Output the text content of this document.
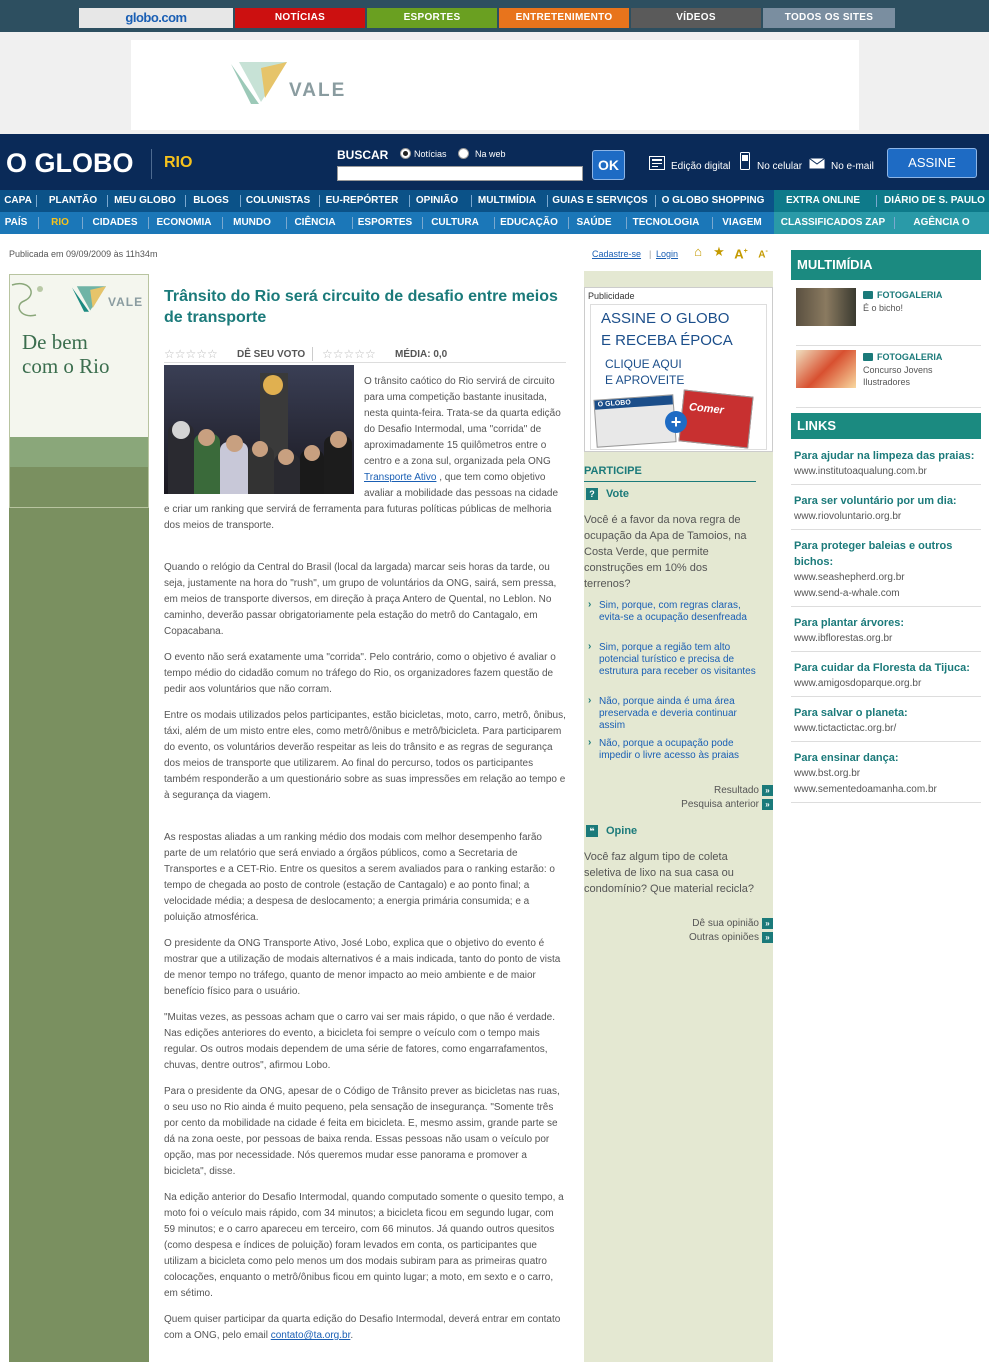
globo.com	NOTÍCIAS	ESPORTES	ENTRETENIMENTO	VÍDEOS	TODOS OS SITES
VALE
O GLOBO RIO	BUSCAR	Notícias	Na web
OK	Edição digital	No celular	No e-mail	ASSINE
CAPA	PLANTÃO	MEU GLOBO	BLOGS	COLUNISTAS	EU-REPÓRTER	OPINIÃO	MULTIMÍDIA GUIAS E SERVIÇOS O GLOBO SHOPPING	EXTRA ONLINE	DIÁRIO DE S. PAULO
PAÍS	RIO	CIDADES	ECONOMIA	MUNDO	CIÊNCIA	ESPORTES	CULTURA	EDUCAÇÃO	SAÚDE	TECNOLOGIA	VIAGEM	CLASSIFICADOS ZAP	AGÊNCIA O
Publicada em 09/09/2009 às 11h34m	Cadastre-se | Login ⌂ ★ A+ A-
VALE
De bem
com o Rio
Trânsito do Rio será circuito de desafio entre meios de transporte
☆☆☆☆☆ DÊ SEU VOTO ☆☆☆☆☆ MÉDIA: 0,0
O trânsito caótico do Rio servirá de circuito para uma competição bastante inusitada, nesta quinta-feira. Trata-se da quarta edição do Desafio Intermodal, uma "corrida" de aproximadamente 15 quilômetros entre o centro e a zona sul, organizada pela ONG Transporte Ativo , que tem como objetivo avaliar a mobilidade das pessoas na cidade e criar um ranking que servirá de ferramenta para futuras políticas públicas de melhoria dos meios de transporte.
Quando o relógio da Central do Brasil (local da largada) marcar seis horas da tarde, ou seja, justamente na hora do "rush", um grupo de voluntários da ONG, sairá, sem pressa, em meios de transporte diversos, em direção à praça Antero de Quental, no Leblon. No caminho, deverão passar obrigatoriamente pela estação do metrô do Cantagalo, em Copacabana.
O evento não será exatamente uma "corrida". Pelo contrário, como o objetivo é avaliar o tempo médio do cidadão comum no tráfego do Rio, os organizadores fazem questão de pedir aos voluntários que não corram.
Entre os modais utilizados pelos participantes, estão bicicletas, moto, carro, metrô, ônibus, táxi, além de um misto entre eles, como metrô/ônibus e metrô/bicicleta. Para participarem do evento, os voluntários deverão respeitar as leis do trânsito e as regras de segurança dos meios de transporte que utilizarem. Ao final do percurso, todos os participantes também responderão a um questionário sobre as suas impressões em relação ao tempo e à segurança da viagem.
As respostas aliadas a um ranking médio dos modais com melhor desempenho farão parte de um relatório que será enviado a órgãos públicos, como a Secretaria de Transportes e a CET-Rio. Entre os quesitos a serem avaliados para o ranking estarão: o tempo de chegada ao posto de controle (estação de Cantagalo) e ao ponto final; a velocidade média; a despesa de deslocamento; a energia primária consumida; e a poluição atmosférica.
O presidente da ONG Transporte Ativo, José Lobo, explica que o objetivo do evento é mostrar que a utilização de modais alternativos é a mais indicada, tanto do ponto de vista de menor tempo no tráfego, quanto de menor impacto ao meio ambiente e de maior benefício físico para o usuário.
"Muitas vezes, as pessoas acham que o carro vai ser mais rápido, o que não é verdade. Nas edições anteriores do evento, a bicicleta foi sempre o veículo com o tempo mais regular. Os outros modais dependem de uma série de fatores, como engarrafamentos, chuvas, dentre outros", afirmou Lobo.
Para o presidente da ONG, apesar de o Código de Trânsito prever as bicicletas nas ruas, o seu uso no Rio ainda é muito pequeno, pela sensação de insegurança. "Somente três por cento da mobilidade na cidade é feita em bicicleta. E, mesmo assim, grande parte se dá na zona oeste, por pessoas de baixa renda. Essas pessoas não usam o veículo por opção, mas por necessidade. Nós queremos mudar esse panorama e promover a bicicleta", disse.
Na edição anterior do Desafio Intermodal, quando computado somente o quesito tempo, a moto foi o veículo mais rápido, com 34 minutos; a bicicleta ficou em segundo lugar, com 59 minutos; e o carro apareceu em terceiro, com 66 minutos. Já quando outros quesitos (como despesa e índices de poluição) foram levados em conta, os participantes que utilizam a bicicleta como pelo menos um dos modais subiram para as primeiras quatro colocações, enquanto o metrô/ônibus ficou em quinto lugar; a moto, em sexto e o carro, em sétimo.
Quem quiser participar da quarta edição do Desafio Intermodal, deverá entrar em contato com a ONG, pelo email contato@ta.org.br.
Publicidade
ASSINE O GLOBO
E RECEBA ÉPOCA
CLIQUE AQUI
E APROVEITE
O GLOBO	Comer
+
PARTICIPE
? Vote
Você é a favor da nova regra de ocupação da Apa de Tamoios, na Costa Verde, que permite construções em 10% dos terrenos?
› Sim, porque, com regras claras, evita-se a ocupação desenfreada
› Sim, porque a região tem alto potencial turístico e precisa de estrutura para receber os visitantes
› Não, porque ainda é uma área preservada e deveria continuar assim
› Não, porque a ocupação pode impedir o livre acesso às praias
Resultado »
Pesquisa anterior »
❝	Opine
Você faz algum tipo de coleta seletiva de lixo na sua casa ou condomínio? Que material recicla?
Dê sua opinião »
Outras opiniões »
MULTIMÍDIA
FOTOGALERIA
É o bicho!
FOTOGALERIA
Concurso Jovens Ilustradores
LINKS
Para ajudar na limpeza das praias:
www.institutoaqualung.com.br
Para ser voluntário por um dia:
www.riovoluntario.org.br
Para proteger baleias e outros bichos:
www.seashepherd.org.br
www.send-a-whale.com
Para plantar árvores:
www.ibflorestas.org.br
Para cuidar da Floresta da Tijuca:
www.amigosdoparque.org.br
Para salvar o planeta:
www.tictactictac.org.br/
Para ensinar dança:
www.bst.org.br
www.sementedoamanha.com.br
